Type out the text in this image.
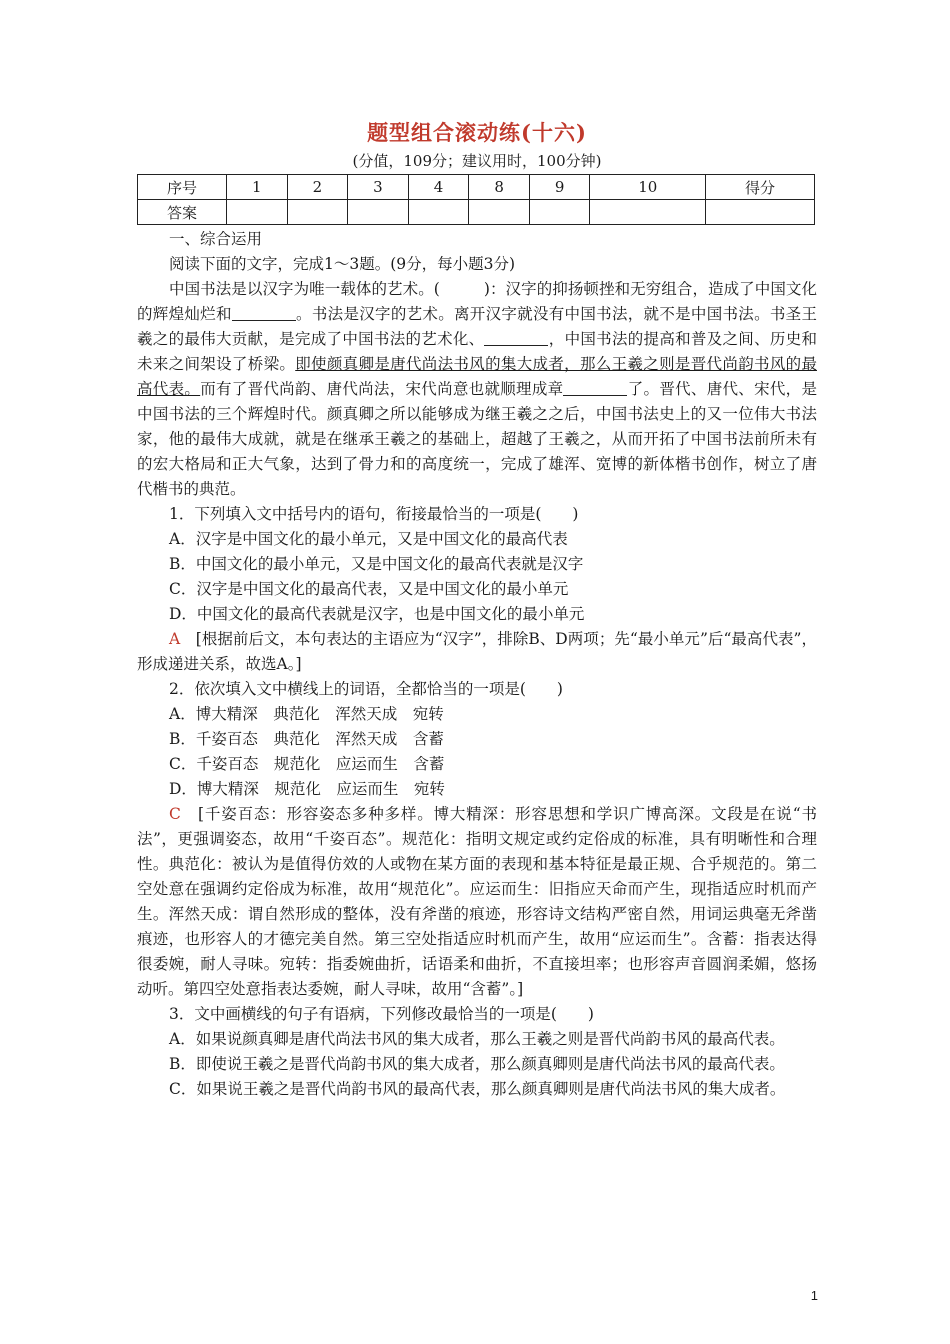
题型组合滚动练(十六)
(分值，109分；建议用时，100分钟)
序号	1	2	3	4	8	9	10	得分
答案								

一、综合运用

阅读下面的文字，完成1～3题。(9分，每小题3分)

中国书法是以汉字为唯一载体的艺术。(	)：汉字的抑扬顿挫和无穷组合，造成了中国文化的辉煌灿烂和	。书法是汉字的艺术。离开汉字就没有中国书法，就不是中国书法。书圣王羲之的最伟大贡献，是完成了中国书法的艺术化、	，中国书法的提高和普及之间、历史和未来之间架设了桥梁。即使颜真卿是唐代尚法书风的集大成者，那么王羲之则是晋代尚韵书风的最高代表。而有了晋代尚韵、唐代尚法，宋代尚意也就顺理成章	了。晋代、唐代、宋代，是中国书法的三个辉煌时代。颜真卿之所以能够成为继王羲之之后，中国书法史上的又一位伟大书法家，他的最伟大成就，就是在继承王羲之的基础上，超越了王羲之，从而开拓了中国书法前所未有的宏大格局和正大气象，达到了骨力和的高度统一，完成了雄浑、宽博的新体楷书创作，树立了唐代楷书的典范。

1．下列填入文中括号内的语句，衔接最恰当的一项是(　　)

A．汉字是中国文化的最小单元，又是中国文化的最高代表

B．中国文化的最小单元，又是中国文化的最高代表就是汉字

C．汉字是中国文化的最高代表，又是中国文化的最小单元

D．中国文化的最高代表就是汉字，也是中国文化的最小单元

A　 [根据前后文，本句表达的主语应为“汉字”，排除B、D两项；先“最小单元”后“最高代表”，形成递进关系，故选A。]

2．依次填入文中横线上的词语，全都恰当的一项是(　　)

A．博大精深　典范化　浑然天成　宛转

B．千姿百态　典范化　浑然天成　含蓄

C．千姿百态　规范化　应运而生　含蓄

D．博大精深　规范化　应运而生　宛转

C　 [千姿百态：形容姿态多种多样。博大精深：形容思想和学识广博高深。文段是在说“书法”，更强调姿态，故用“千姿百态”。规范化：指明文规定或约定俗成的标准，具有明晰性和合理性。典范化：被认为是值得仿效的人或物在某方面的表现和基本特征是最正规、合乎规范的。第二空处意在强调约定俗成为标准，故用“规范化”。应运而生：旧指应天命而产生，现指适应时机而产生。浑然天成：谓自然形成的整体，没有斧凿的痕迹，形容诗文结构严密自然，用词运典毫无斧凿痕迹，也形容人的才德完美自然。第三空处指适应时机而产生，故用“应运而生”。含蓄：指表达得很委婉，耐人寻味。宛转：指委婉曲折，话语柔和曲折，不直接坦率；也形容声音圆润柔媚，悠扬动听。第四空处意指表达委婉，耐人寻味，故用“含蓄”。]

3．文中画横线的句子有语病，下列修改最恰当的一项是(　　)

A．如果说颜真卿是唐代尚法书风的集大成者，那么王羲之则是晋代尚韵书风的最高代表。

B．即使说王羲之是晋代尚韵书风的集大成者，那么颜真卿则是唐代尚法书风的最高代表。

C．如果说王羲之是晋代尚韵书风的最高代表，那么颜真卿则是唐代尚法书风的集大成者。

1
